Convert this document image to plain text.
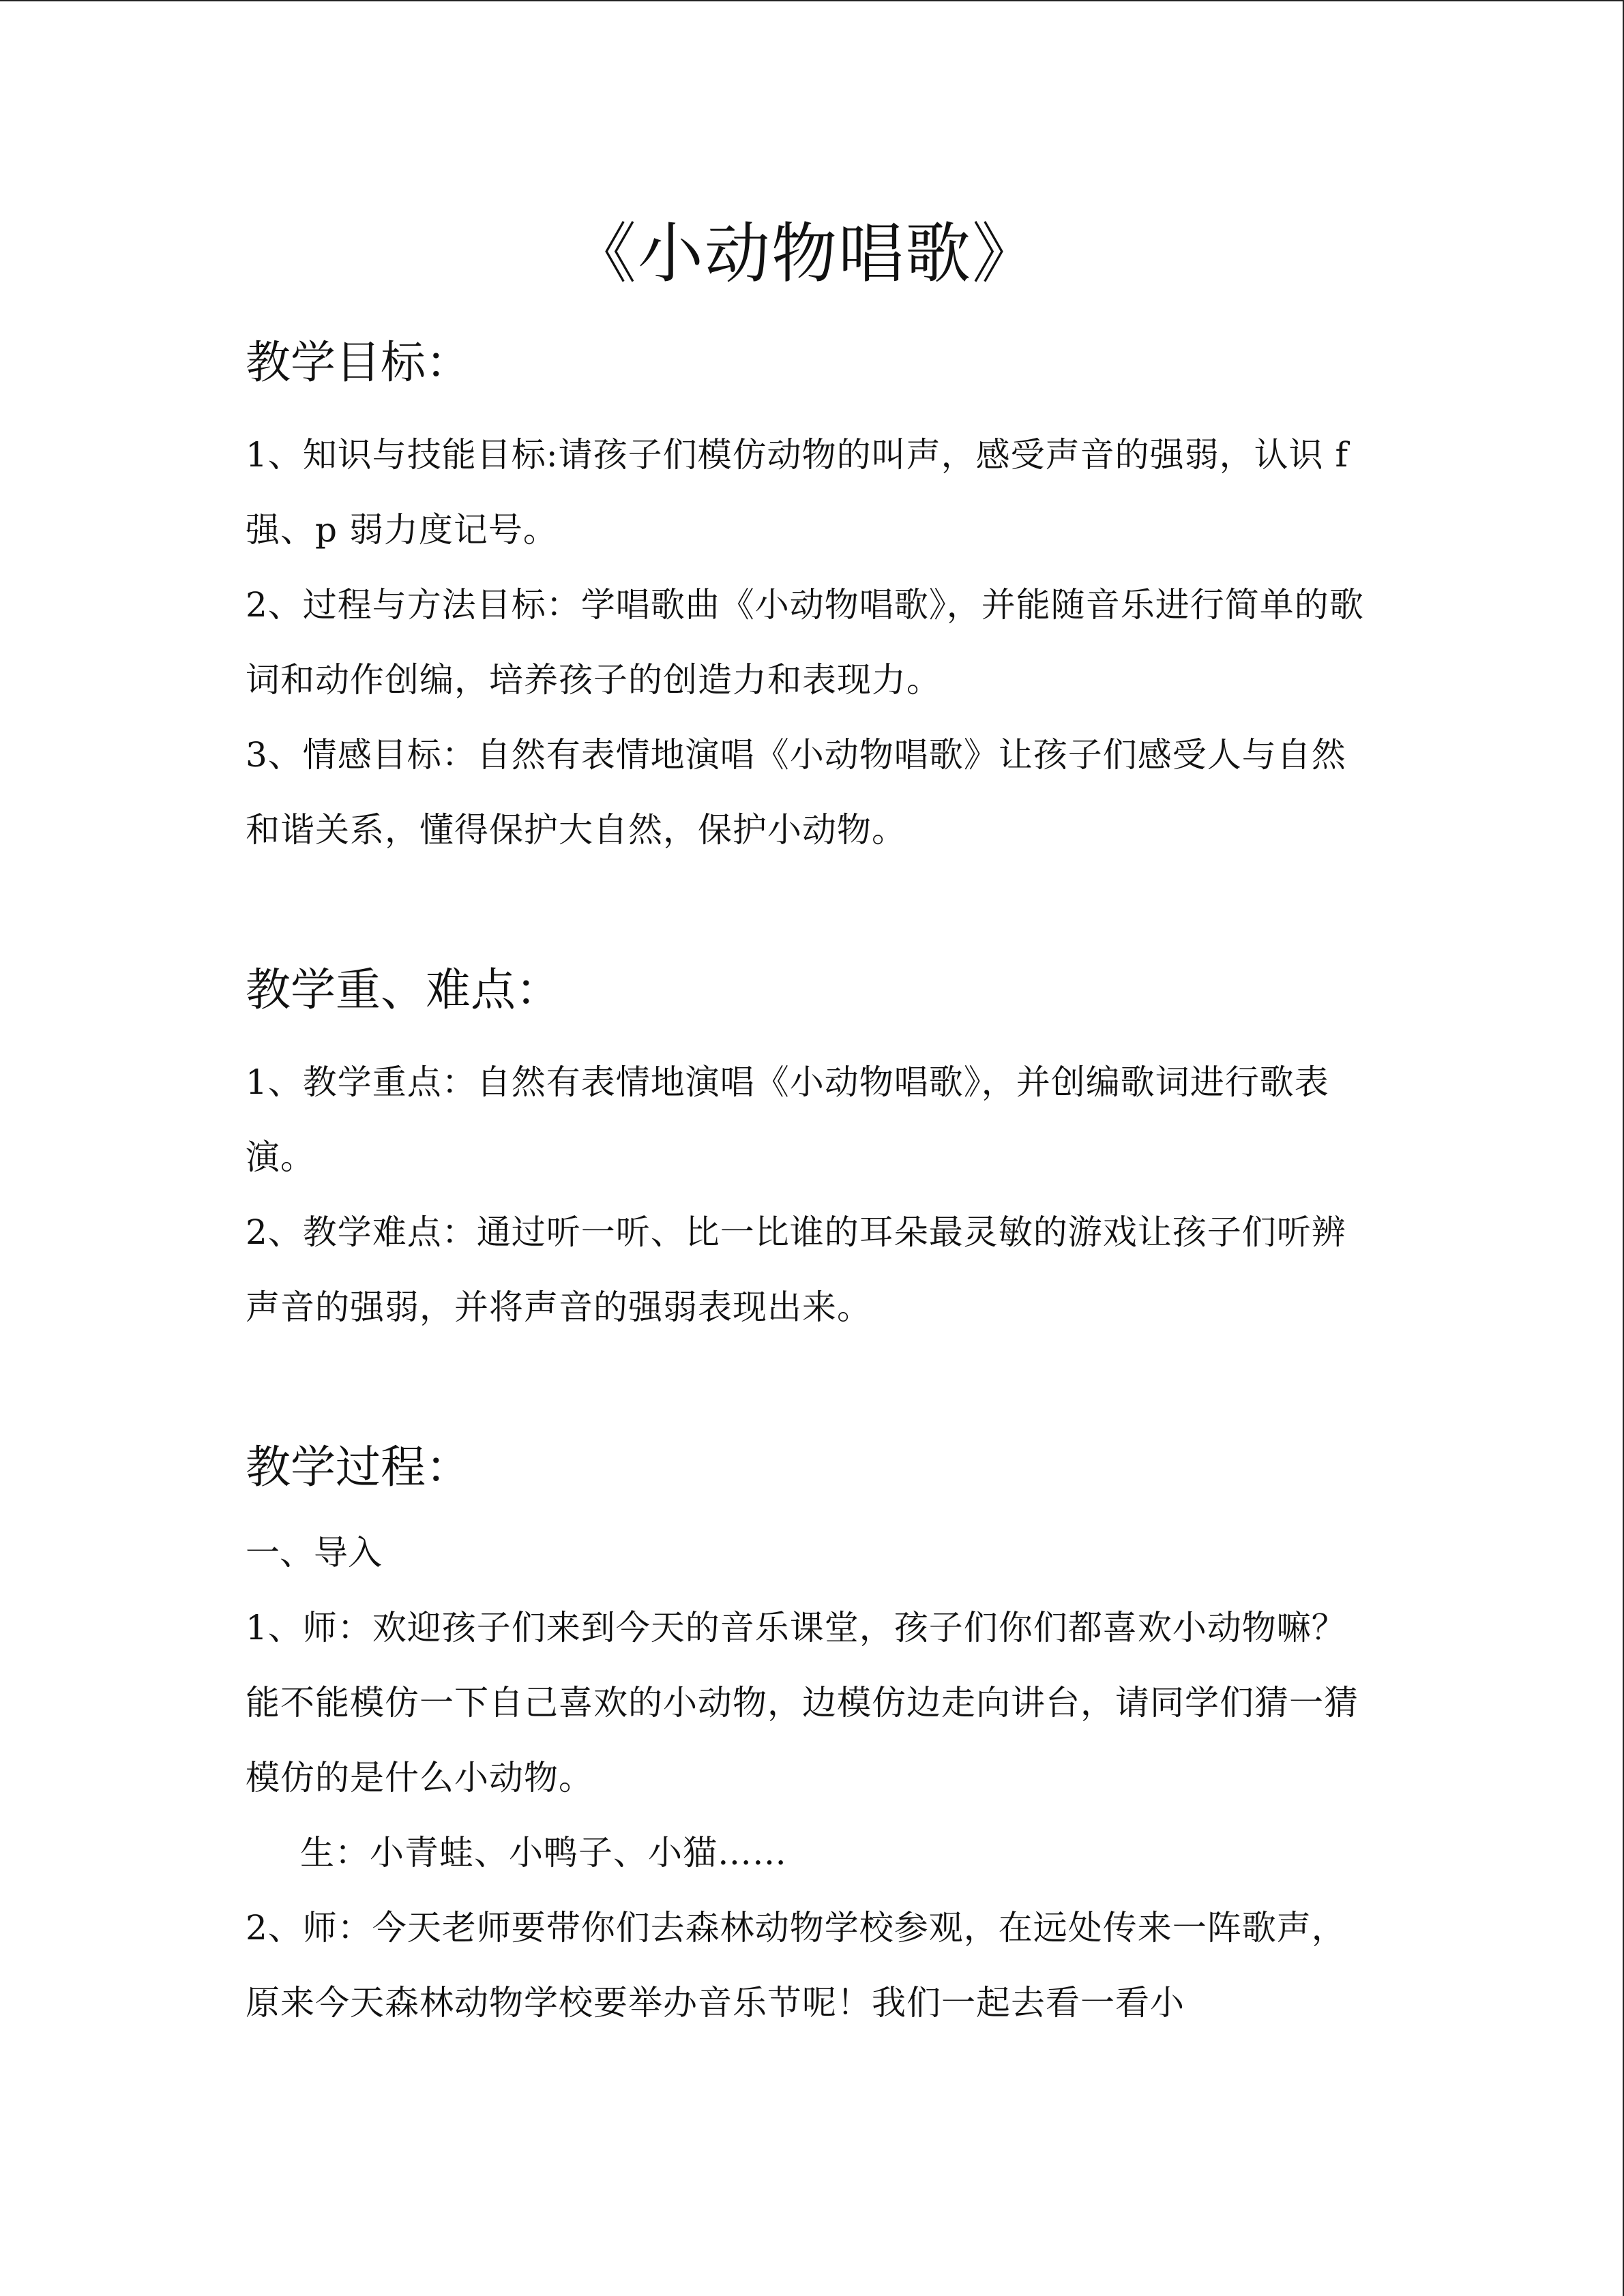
《小动物唱歌》
教学目标：

1、知识与技能目标:请孩子们模仿动物的叫声，感受声音的强弱，认识 f 强、p 弱力度记号。

2、过程与方法目标：学唱歌曲《小动物唱歌》，并能随音乐进行简单的歌词和动作创编，培养孩子的创造力和表现力。

3、情感目标：自然有表情地演唱《小动物唱歌》让孩子们感受人与自然和谐关系，懂得保护大自然，保护小动物。

教学重、难点：

1、教学重点：自然有表情地演唱《小动物唱歌》，并创编歌词进行歌表演。

2、教学难点：通过听一听、比一比谁的耳朵最灵敏的游戏让孩子们听辨声音的强弱，并将声音的强弱表现出来。

教学过程：

一、导入

1、师：欢迎孩子们来到今天的音乐课堂，孩子们你们都喜欢小动物嘛？能不能模仿一下自己喜欢的小动物，边模仿边走向讲台，请同学们猜一猜模仿的是什么小动物。

生：小青蛙、小鸭子、小猫……

2、师：今天老师要带你们去森林动物学校参观，在远处传来一阵歌声，原来今天森林动物学校要举办音乐节呢！我们一起去看一看小
